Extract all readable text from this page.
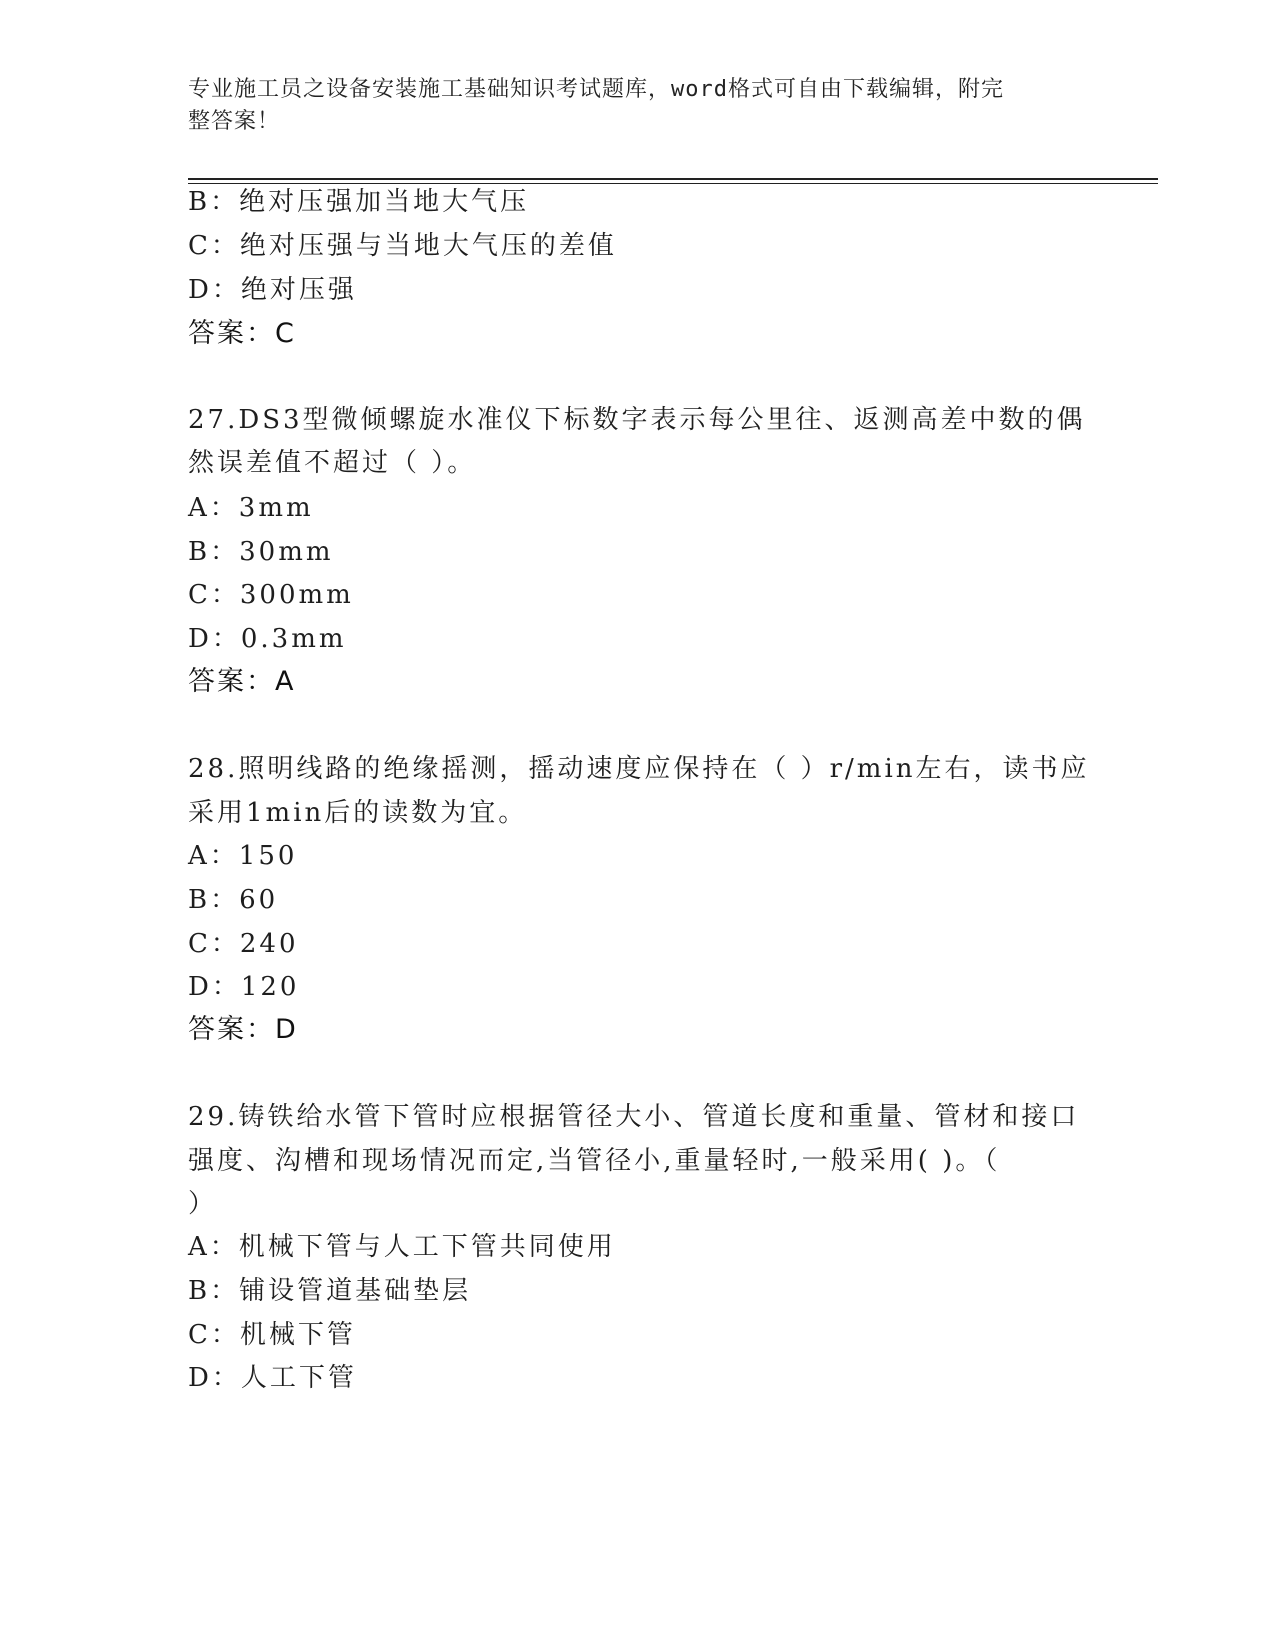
专业施工员之设备安装施工基础知识考试题库，word格式可自由下载编辑，附完
整答案！
B：绝对压强加当地大气压
C：绝对压强与当地大气压的差值
D：绝对压强
答案：C
27.DS3型微倾螺旋水准仪下标数字表示每公里往、返测高差中数的偶
然误差值不超过（ ）。
A：3mm
B：30mm
C：300mm
D：0.3mm
答案：A
28.照明线路的绝缘摇测，摇动速度应保持在（ ）r/min左右，读书应
采用1min后的读数为宜。
A：150
B：60
C：240
D：120
答案：D
29.铸铁给水管下管时应根据管径大小、管道长度和重量、管材和接口
强度、沟槽和现场情况而定,当管径小,重量轻时,一般采用( )。（
）
A：机械下管与人工下管共同使用
B：铺设管道基础垫层
C：机械下管
D：人工下管
